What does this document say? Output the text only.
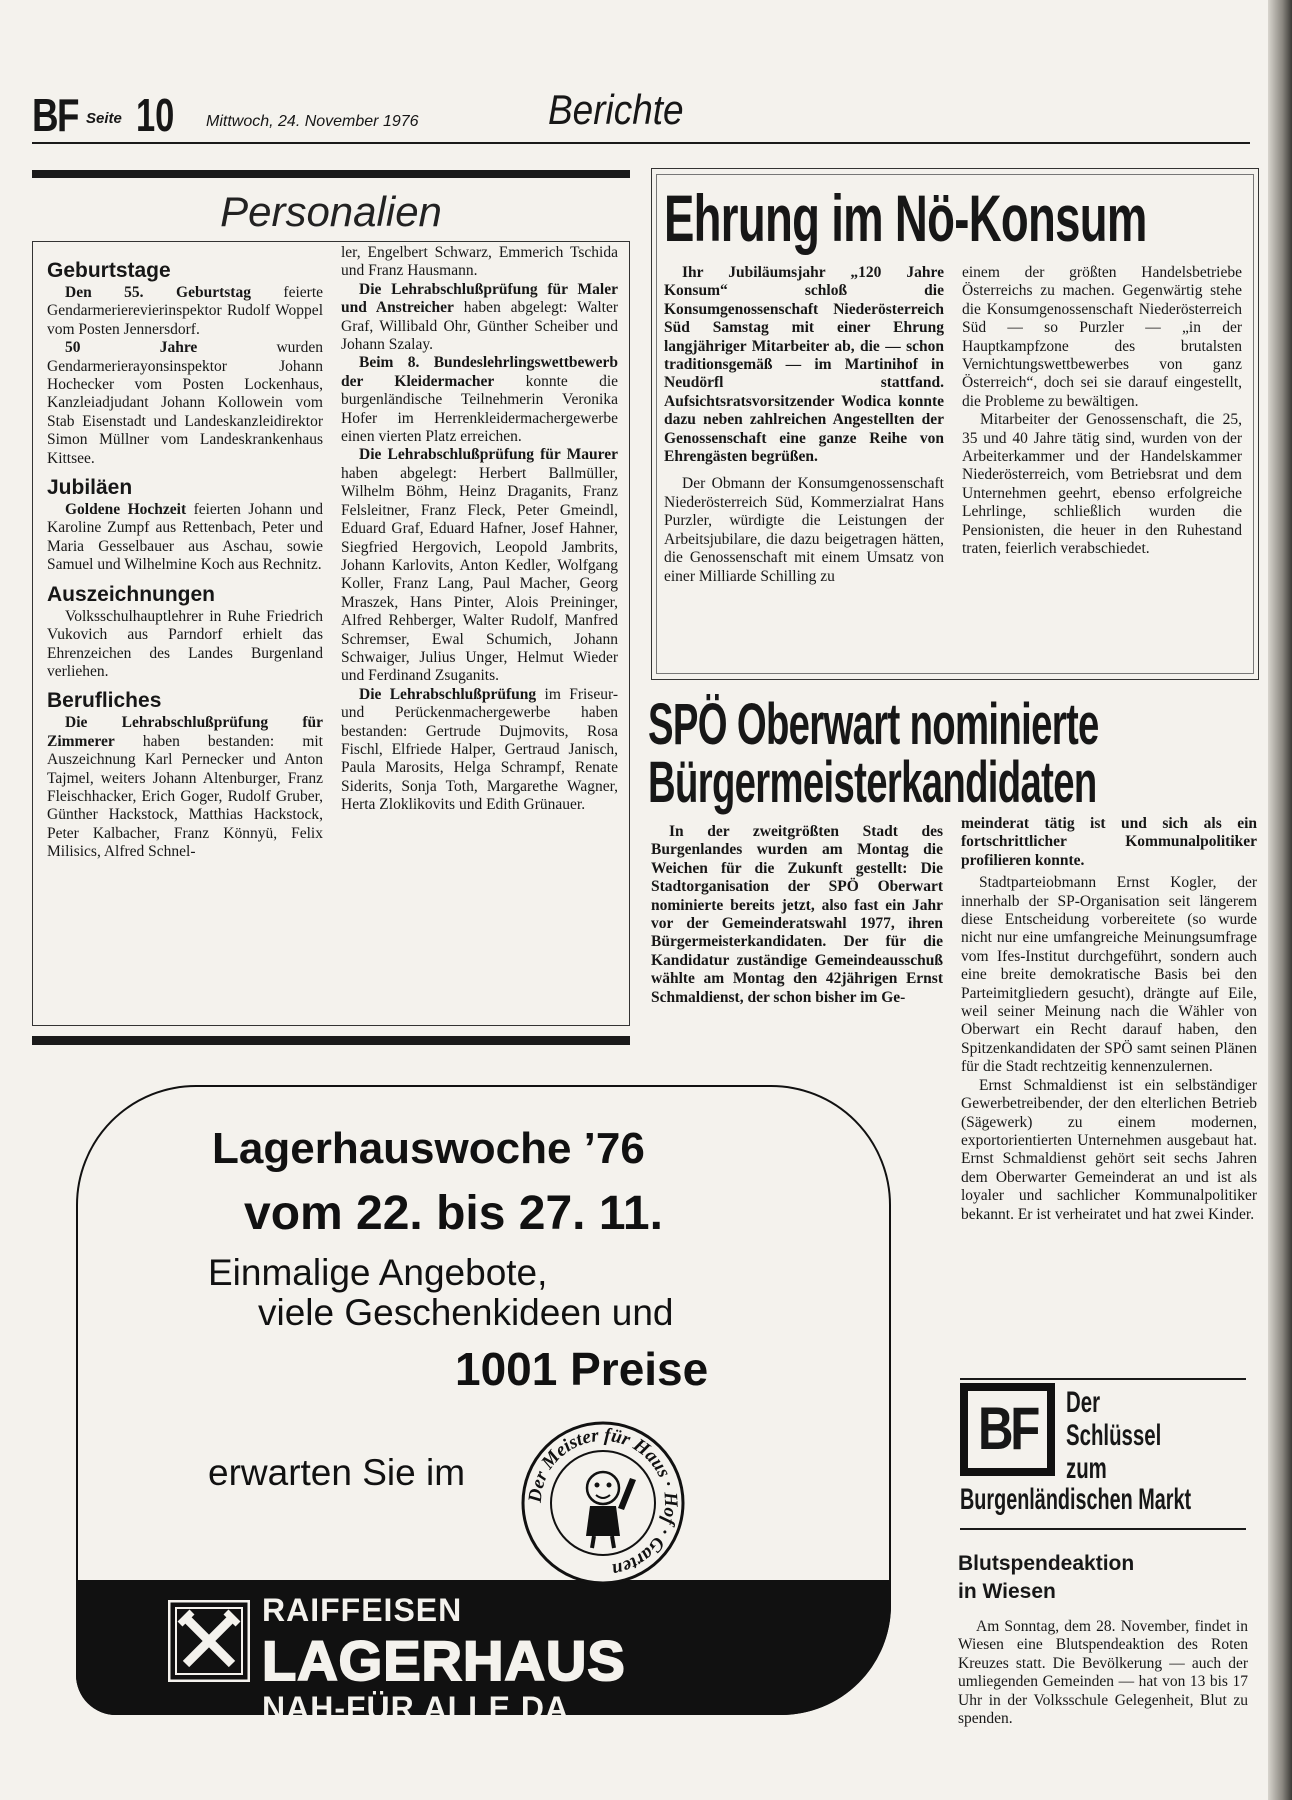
BF Seite 10 Mittwoch, 24. November 1976	Berichte
Personalien
Geburtstage

Den 55. Geburtstag feierte Gendarmerierevierinspektor Rudolf Woppel vom Posten Jennersdorf.

50 Jahre wurden Gendarmerierayonsinspektor Johann Hochecker vom Posten Lockenhaus, Kanzleiadjudant Johann Kollowein vom Stab Eisenstadt und Landeskanzleidirektor Simon Müllner vom Landeskrankenhaus Kittsee.

Jubiläen

Goldene Hochzeit feierten Johann und Karoline Zumpf aus Rettenbach, Peter und Maria Gesselbauer aus Aschau, sowie Samuel und Wilhelmine Koch aus Rechnitz.

Auszeichnungen

Volksschulhauptlehrer in Ruhe Friedrich Vukovich aus Parndorf erhielt das Ehrenzeichen des Landes Burgenland verliehen.

Berufliches

Die Lehrabschlußprüfung für Zimmerer haben bestanden: mit Auszeichnung Karl Pernecker und Anton Tajmel, weiters Johann Altenburger, Franz Fleischhacker, Erich Goger, Rudolf Gruber, Günther Hackstock, Matthias Hackstock, Peter Kalbacher, Franz Könnyü, Felix Milisics, Alfred Schnel-

ler, Engelbert Schwarz, Emmerich Tschida und Franz Hausmann.

Die Lehrabschlußprüfung für Maler und Anstreicher haben abgelegt: Walter Graf, Willibald Ohr, Günther Scheiber und Johann Szalay.

Beim 8. Bundeslehrlingswettbewerb der Kleidermacher konnte die burgenländische Teilnehmerin Veronika Hofer im Herrenkleidermachergewerbe einen vierten Platz erreichen.

Die Lehrabschlußprüfung für Maurer haben abgelegt: Herbert Ballmüller, Wilhelm Böhm, Heinz Draganits, Franz Felsleitner, Franz Fleck, Peter Gmeindl, Eduard Graf, Eduard Hafner, Josef Hahner, Siegfried Hergovich, Leopold Jambrits, Johann Karlovits, Anton Kedler, Wolfgang Koller, Franz Lang, Paul Macher, Georg Mraszek, Hans Pinter, Alois Preininger, Alfred Rehberger, Walter Rudolf, Manfred Schremser, Ewal Schumich, Johann Schwaiger, Julius Unger, Helmut Wieder und Ferdinand Zsuganits.

Die Lehrabschlußprüfung im Friseur- und Perückenmachergewerbe haben bestanden: Gertrude Dujmovits, Rosa Fischl, Elfriede Halper, Gertraud Janisch, Paula Marosits, Helga Schrampf, Renate Siderits, Sonja Toth, Margarethe Wagner, Herta Zloklikovits und Edith Grünauer.

Ehrung im Nö-Konsum

Ihr Jubiläumsjahr „120 Jahre Konsum“ schloß die Konsumgenossenschaft Niederösterreich Süd Samstag mit einer Ehrung langjähriger Mitarbeiter ab, die — schon traditionsgemäß — im Martinihof in Neudörfl stattfand. Aufsichtsratsvorsitzender Wodica konnte dazu neben zahlreichen Angestellten der Genossenschaft eine ganze Reihe von Ehrengästen begrüßen.

Der Obmann der Konsumgenossenschaft Niederösterreich Süd, Kommerzialrat Hans Purzler, würdigte die Leistungen der Arbeitsjubilare, die dazu beigetragen hätten, die Genossenschaft mit einem Umsatz von einer Milliarde Schilling zu

einem der größten Handelsbetriebe Österreichs zu machen. Gegenwärtig stehe die Konsumgenossenschaft Niederösterreich Süd — so Purzler — „in der Hauptkampfzone des brutalsten Vernichtungswettbewerbes von ganz Österreich“, doch sei sie darauf eingestellt, die Probleme zu bewältigen.

Mitarbeiter der Genossenschaft, die 25, 35 und 40 Jahre tätig sind, wurden von der Arbeiterkammer und der Handelskammer Niederösterreich, vom Betriebsrat und dem Unternehmen geehrt, ebenso erfolgreiche Lehrlinge, schließlich wurden die Pensionisten, die heuer in den Ruhestand traten, feierlich verabschiedet.

SPÖ Oberwart nominierte
Bürgermeisterkandidaten

In der zweitgrößten Stadt des Burgenlandes wurden am Montag die Weichen für die Zukunft gestellt: Die Stadtorganisation der SPÖ Oberwart nominierte bereits jetzt, also fast ein Jahr vor der Gemeinderatswahl 1977, ihren Bürgermeisterkandidaten. Der für die Kandidatur zuständige Gemeindeausschuß wählte am Montag den 42jährigen Ernst Schmaldienst, der schon bisher im Ge-

meinderat tätig ist und sich als ein fortschrittlicher Kommunalpolitiker profilieren konnte.

Stadtparteiobmann Ernst Kogler, der innerhalb der SP-Organisation seit längerem diese Entscheidung vorbereitete (so wurde nicht nur eine umfangreiche Meinungsumfrage vom Ifes-Institut durchgeführt, sondern auch eine breite demokratische Basis bei den Parteimitgliedern gesucht), drängte auf Eile, weil seiner Meinung nach die Wähler von Oberwart ein Recht darauf haben, den Spitzenkandidaten der SPÖ samt seinen Plänen für die Stadt rechtzeitig kennenzulernen.

Ernst Schmaldienst ist ein selbständiger Gewerbetreibender, der den elterlichen Betrieb (Sägewerk) zu einem modernen, exportorientierten Unternehmen ausgebaut hat. Ernst Schmaldienst gehört seit sechs Jahren dem Oberwarter Gemeinderat an und ist als loyaler und sachlicher Kommunalpolitiker bekannt. Er ist verheiratet und hat zwei Kinder.

BF Der
Schlüssel
zum
Burgenländischen Markt
Blutspendeaktion
in Wiesen

Am Sonntag, dem 28. November, findet in Wiesen eine Blutspendeaktion des Roten Kreuzes statt. Die Bevölkerung — auch der umliegenden Gemeinden — hat von 13 bis 17 Uhr in der Volksschule Gelegenheit, Blut zu spenden.

Lagerhauswoche ’76
vom 22. bis 27. 11.
Einmalige Angebote,
viele Geschenkideen und
1001 Preise
erwarten Sie im
Der Meister für Haus · Hof · Garten
RAIFFEISEN
LAGERHAUS
NAH-FÜR ALLE DA
